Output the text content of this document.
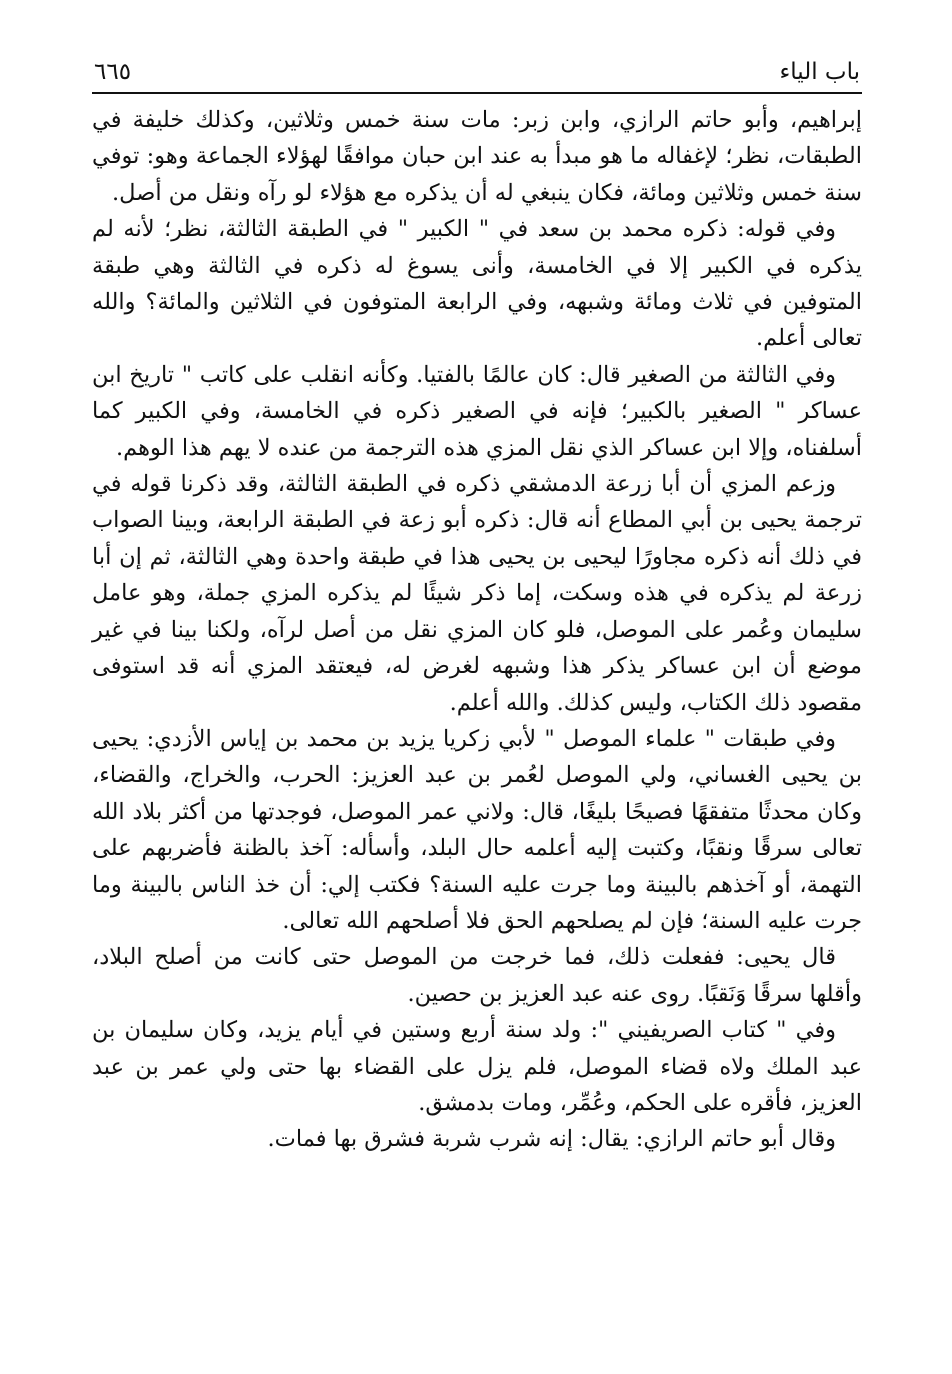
باب الياء
٦٦٥

إبراهيم، وأبو حاتم الرازي، وابن زبر: مات سنة خمس وثلاثين، وكذلك خليفة في الطبقات، نظر؛ لإغفاله ما هو مبدأ به عند ابن حبان موافقًا لهؤلاء الجماعة وهو: توفي سنة خمس وثلاثين ومائة، فكان ينبغي له أن يذكره مع هؤلاء لو رآه ونقل من أصل.

وفي قوله: ذكره محمد بن سعد في " الكبير " في الطبقة الثالثة، نظر؛ لأنه لم يذكره في الكبير إلا في الخامسة، وأنى يسوغ له ذكره في الثالثة وهي طبقة المتوفين في ثلاث ومائة وشبهه، وفي الرابعة المتوفون في الثلاثين والمائة؟ والله تعالى أعلم.

وفي الثالثة من الصغير قال: كان عالمًا بالفتيا. وكأنه انقلب على كاتب " تاريخ ابن عساكر " الصغير بالكبير؛ فإنه في الصغير ذكره في الخامسة، وفي الكبير كما أسلفناه، وإلا ابن عساكر الذي نقل المزي هذه الترجمة من عنده لا يهم هذا الوهم.

وزعم المزي أن أبا زرعة الدمشقي ذكره في الطبقة الثالثة، وقد ذكرنا قوله في ترجمة يحيى بن أبي المطاع أنه قال: ذكره أبو زعة في الطبقة الرابعة، وبينا الصواب في ذلك أنه ذكره مجاورًا ليحيى بن يحيى هذا في طبقة واحدة وهي الثالثة، ثم إن أبا زرعة لم يذكره في هذه وسكت، إما ذكر شيئًا لم يذكره المزي جملة، وهو عامل سليمان وعُمر على الموصل، فلو كان المزي نقل من أصل لرآه، ولكنا بينا في غير موضع أن ابن عساكر يذكر هذا وشبهه لغرض له، فيعتقد المزي أنه قد استوفى مقصود ذلك الكتاب، وليس كذلك. والله أعلم.

وفي طبقات " علماء الموصل " لأبي زكريا يزيد بن محمد بن إياس الأزدي: يحيى بن يحيى الغساني، ولي الموصل لعُمر بن عبد العزيز: الحرب، والخراج، والقضاء، وكان محدثًا متفقهًا فصيحًا بليغًا، قال: ولاني عمر الموصل، فوجدتها من أكثر بلاد الله تعالى سرقًا ونقبًا، وكتبت إليه أعلمه حال البلد، وأسأله: آخذ بالظنة فأضربهم على التهمة، أو آخذهم بالبينة وما جرت عليه السنة؟ فكتب إلي: أن خذ الناس بالبينة وما جرت عليه السنة؛ فإن لم يصلحهم الحق فلا أصلحهم الله تعالى.

قال يحيى: ففعلت ذلك، فما خرجت من الموصل حتى كانت من أصلح البلاد، وأقلها سرقًا وَنَقبًا. روى عنه عبد العزيز بن حصين.

وفي " كتاب الصريفيني ": ولد سنة أربع وستين في أيام يزيد، وكان سليمان بن عبد الملك ولاه قضاء الموصل، فلم يزل على القضاء بها حتى ولي عمر بن عبد العزيز، فأقره على الحكم، وعُمِّر، ومات بدمشق.

وقال أبو حاتم الرازي: يقال: إنه شرب شربة فشرق بها فمات.
